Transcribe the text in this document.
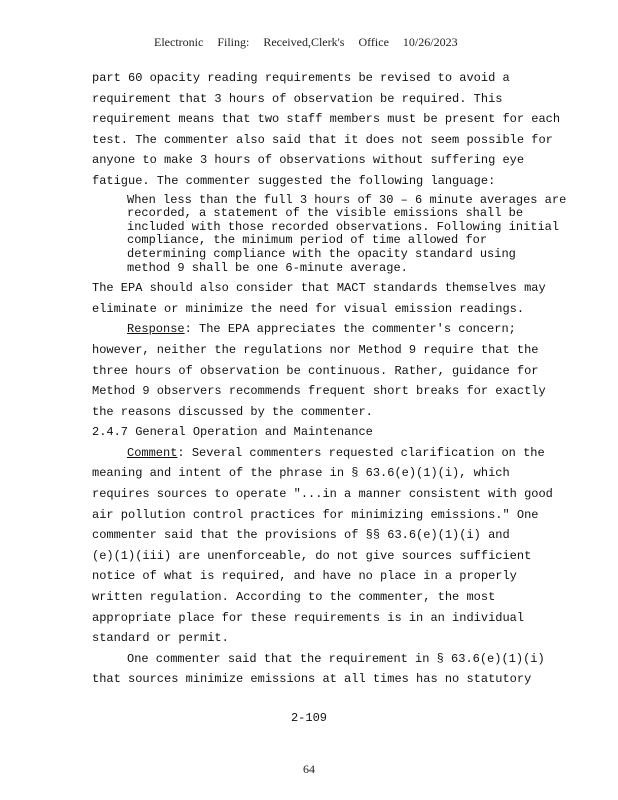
Electronic Filing: Received,Clerk's Office 10/26/2023

part 60 opacity reading requirements be revised to avoid a

requirement that 3 hours of observation be required. This

requirement means that two staff members must be present for each

test. The commenter also said that it does not seem possible for

anyone to make 3 hours of observations without suffering eye

fatigue. The commenter suggested the following language:

When less than the full 3 hours of 30 – 6 minute averages are
recorded, a statement of the visible emissions shall be
included with those recorded observations. Following initial
compliance, the minimum period of time allowed for
determining compliance with the opacity standard using
method 9 shall be one 6-minute average.

The EPA should also consider that MACT standards themselves may

eliminate or minimize the need for visual emission readings.

Response: The EPA appreciates the commenter's concern;

however, neither the regulations nor Method 9 require that the

three hours of observation be continuous. Rather, guidance for

Method 9 observers recommends frequent short breaks for exactly

the reasons discussed by the commenter.

2.4.7 General Operation and Maintenance

Comment: Several commenters requested clarification on the

meaning and intent of the phrase in § 63.6(e)(1)(i), which

requires sources to operate "...in a manner consistent with good

air pollution control practices for minimizing emissions." One

commenter said that the provisions of §§ 63.6(e)(1)(i) and

(e)(1)(iii) are unenforceable, do not give sources sufficient

notice of what is required, and have no place in a properly

written regulation. According to the commenter, the most

appropriate place for these requirements is in an individual

standard or permit.

One commenter said that the requirement in § 63.6(e)(1)(i)

that sources minimize emissions at all times has no statutory

2-109
64
